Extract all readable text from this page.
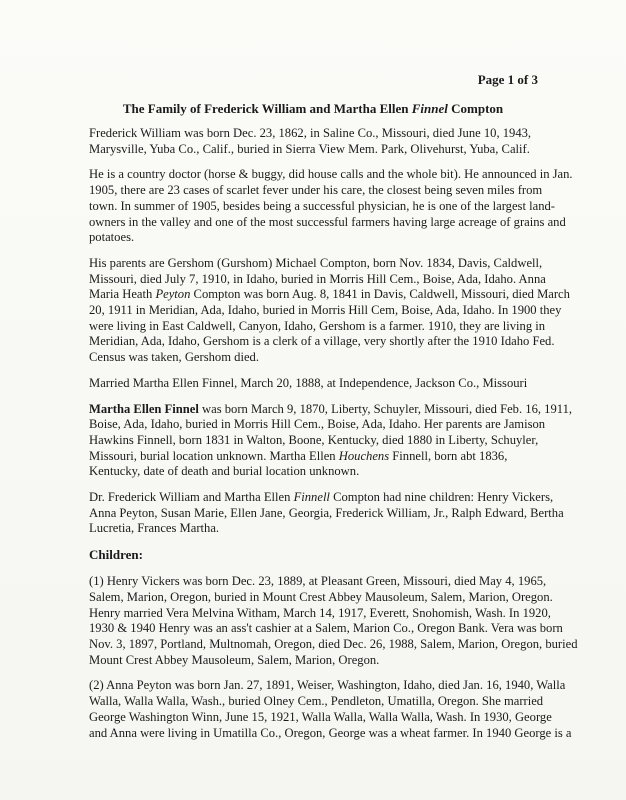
Page 1 of 3
The Family of Frederick William and Martha Ellen Finnel Compton

Frederick William was born Dec. 23, 1862, in Saline Co., Missouri, died June 10, 1943,
Marysville, Yuba Co., Calif., buried in Sierra View Mem. Park, Olivehurst, Yuba, Calif.

He is a country doctor (horse & buggy, did house calls and the whole bit). He announced in Jan.
1905, there are 23 cases of scarlet fever under his care, the closest being seven miles from
town. In summer of 1905, besides being a successful physician, he is one of the largest land-
owners in the valley and one of the most successful farmers having large acreage of grains and
potatoes.

His parents are Gershom (Gurshom) Michael Compton, born Nov. 1834, Davis, Caldwell,
Missouri, died July 7, 1910, in Idaho, buried in Morris Hill Cem., Boise, Ada, Idaho. Anna
Maria Heath Peyton Compton was born Aug. 8, 1841 in Davis, Caldwell, Missouri, died March
20, 1911 in Meridian, Ada, Idaho, buried in Morris Hill Cem, Boise, Ada, Idaho. In 1900 they
were living in East Caldwell, Canyon, Idaho, Gershom is a farmer. 1910, they are living in
Meridian, Ada, Idaho, Gershom is a clerk of a village, very shortly after the 1910 Idaho Fed.
Census was taken, Gershom died.

Married Martha Ellen Finnel, March 20, 1888, at Independence, Jackson Co., Missouri

Martha Ellen Finnel was born March 9, 1870, Liberty, Schuyler, Missouri, died Feb. 16, 1911,
Boise, Ada, Idaho, buried in Morris Hill Cem., Boise, Ada, Idaho. Her parents are Jamison
Hawkins Finnell, born 1831 in Walton, Boone, Kentucky, died 1880 in Liberty, Schuyler,
Missouri, burial location unknown. Martha Ellen Houchens Finnell, born abt 1836,
Kentucky, date of death and burial location unknown.

Dr. Frederick William and Martha Ellen Finnell Compton had nine children: Henry Vickers,
Anna Peyton, Susan Marie, Ellen Jane, Georgia, Frederick William, Jr., Ralph Edward, Bertha
Lucretia, Frances Martha.

Children:

(1) Henry Vickers was born Dec. 23, 1889, at Pleasant Green, Missouri, died May 4, 1965,
Salem, Marion, Oregon, buried in Mount Crest Abbey Mausoleum, Salem, Marion, Oregon.
Henry married Vera Melvina Witham, March 14, 1917, Everett, Snohomish, Wash. In 1920,
1930 & 1940 Henry was an ass't cashier at a Salem, Marion Co., Oregon Bank. Vera was born
Nov. 3, 1897, Portland, Multnomah, Oregon, died Dec. 26, 1988, Salem, Marion, Oregon, buried
Mount Crest Abbey Mausoleum, Salem, Marion, Oregon.

(2) Anna Peyton was born Jan. 27, 1891, Weiser, Washington, Idaho, died Jan. 16, 1940, Walla
Walla, Walla Walla, Wash., buried Olney Cem., Pendleton, Umatilla, Oregon. She married
George Washington Winn, June 15, 1921, Walla Walla, Walla Walla, Wash. In 1930, George
and Anna were living in Umatilla Co., Oregon, George was a wheat farmer. In 1940 George is a
